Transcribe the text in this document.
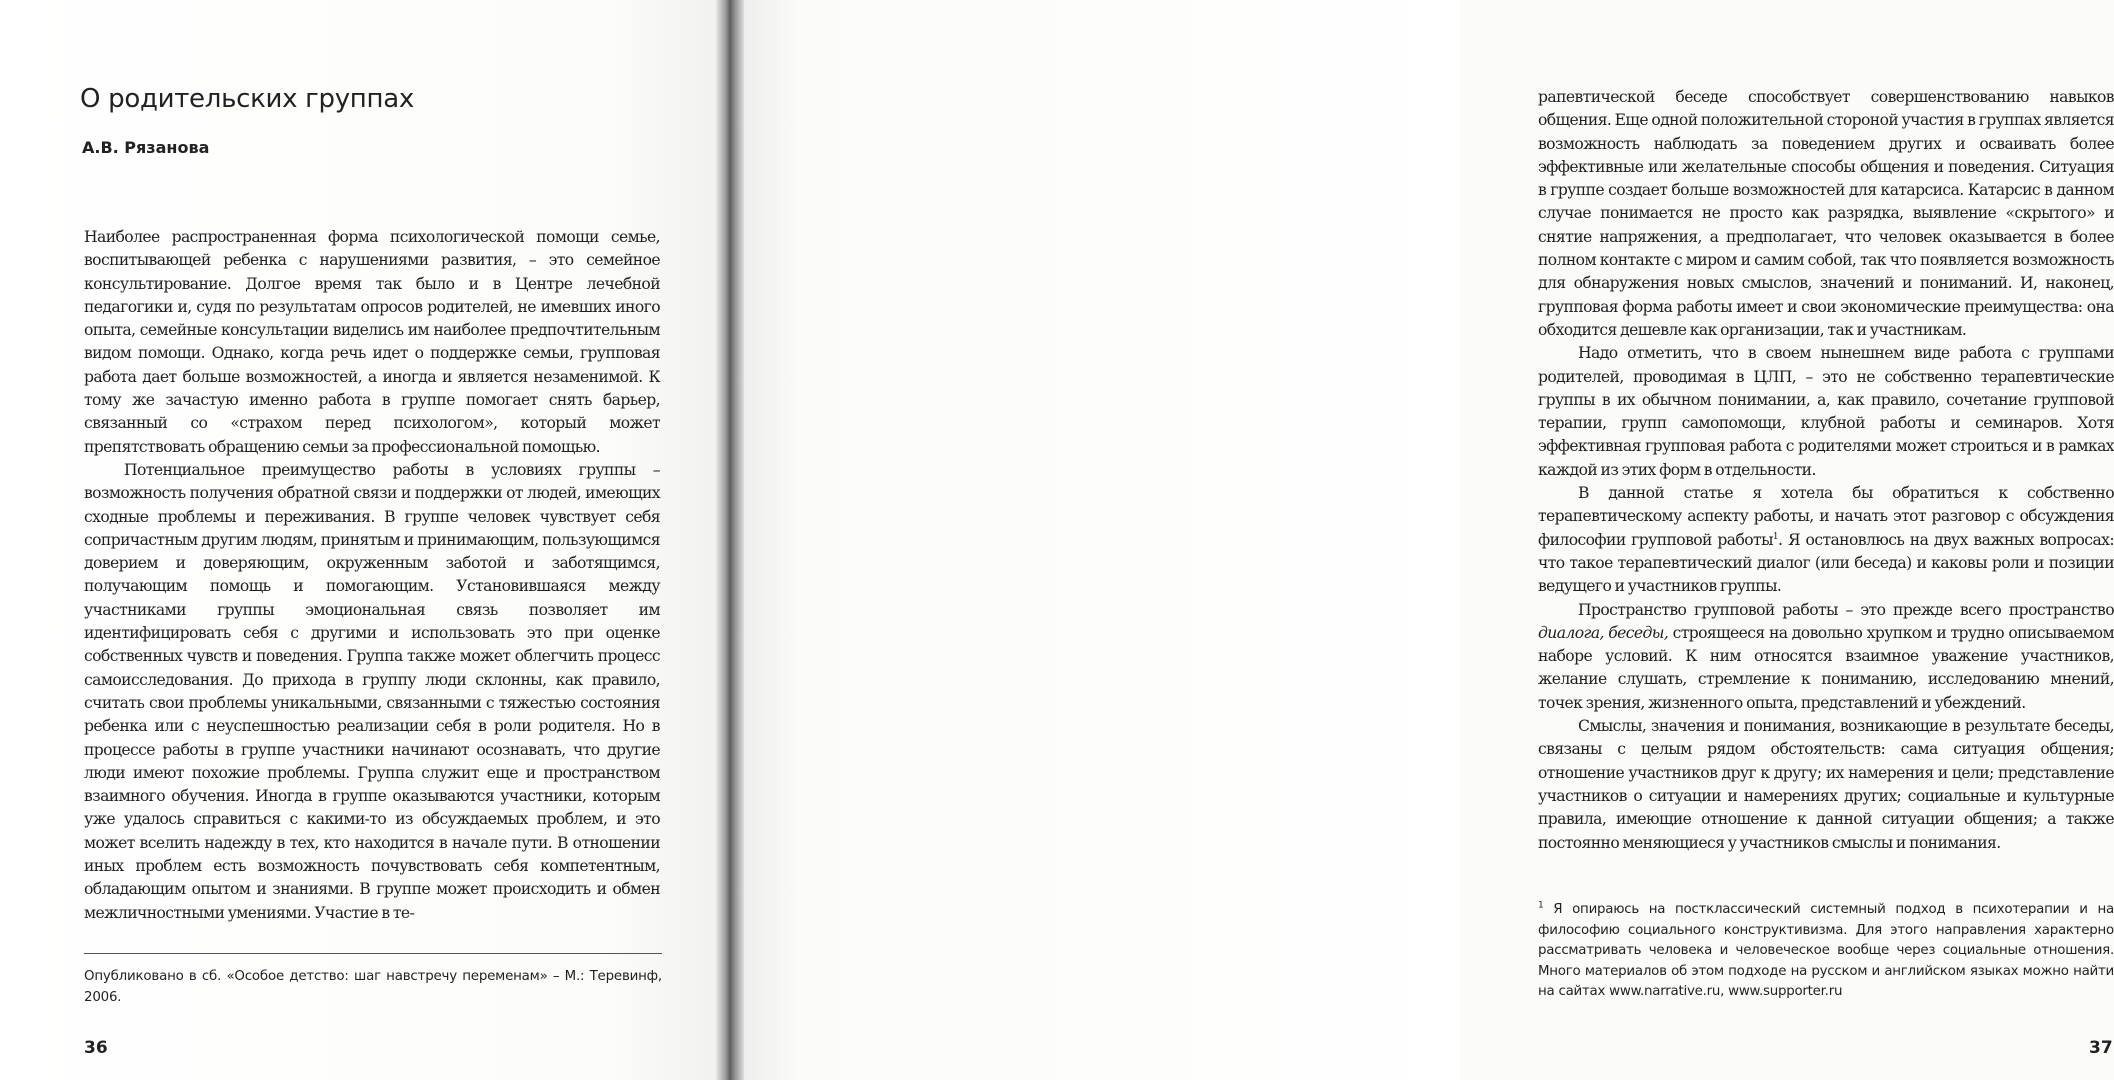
О родительских группах
А.В. Рязанова

Наиболее распространенная форма психологической помощи семье, воспитывающей ребенка с нарушениями развития, – это семейное консультирование. Долгое время так было и в Центре лечебной педагогики и, судя по результатам опросов родителей, не имевших иного опыта, семейные консультации виделись им наиболее предпочтительным видом помощи. Однако, когда речь идет о поддержке семьи, групповая работа дает больше возможностей, а иногда и является незаменимой. К тому же зачастую именно работа в группе помогает снять барьер, связанный со «страхом перед психологом», который может препятствовать обращению семьи за профессиональной помощью.

Потенциальное преимущество работы в условиях группы – возможность получения обратной связи и поддержки от людей, имеющих сходные проблемы и переживания. В группе человек чувствует себя сопричастным другим людям, принятым и принимающим, пользующимся доверием и доверяющим, окруженным заботой и заботящимся, получающим помощь и помогающим. Установившаяся между участниками группы эмоциональная связь позволяет им идентифицировать себя с другими и использовать это при оценке собственных чувств и поведения. Группа также может облегчить процесс самоисследования. До прихода в группу люди склонны, как правило, считать свои проблемы уникальными, связанными с тяжестью состояния ребенка или с неуспешностью реализации себя в роли родителя. Но в процессе работы в группе участники начинают осознавать, что другие люди имеют похожие проблемы. Группа служит еще и пространством взаимного обучения. Иногда в группе оказываются участники, которым уже удалось справиться с какими-то из обсуждаемых проблем, и это может вселить надежду в тех, кто находится в начале пути. В отношении иных проблем есть возможность почувствовать себя компетентным, обладающим опытом и знаниями. В группе может происходить и обмен межличностными умениями. Участие в те-

Опубликовано в сб. «Особое детство: шаг навстречу переменам» – М.: Теревинф, 2006.

36

рапевтической беседе способствует совершенствованию навыков общения. Еще одной положительной стороной участия в группах является возможность наблюдать за поведением других и осваивать более эффективные или желательные способы общения и поведения. Ситуация в группе создает больше возможностей для катарсиса. Катарсис в данном случае понимается не просто как разрядка, выявление «скрытого» и снятие напряжения, а предполагает, что человек оказывается в более полном контакте с миром и самим собой, так что появляется возможность для обнаружения новых смыслов, значений и пониманий. И, наконец, групповая форма работы имеет и свои экономические преимущества: она обходится дешевле как организации, так и участникам.

Надо отметить, что в своем нынешнем виде работа с группами родителей, проводимая в ЦЛП, – это не собственно терапевтические группы в их обычном понимании, а, как правило, сочетание групповой терапии, групп самопомощи, клубной работы и семинаров. Хотя эффективная групповая работа с родителями может строиться и в рамках каждой из этих форм в отдельности.

В данной статье я хотела бы обратиться к собственно терапевтическому аспекту работы, и начать этот разговор с обсуждения философии групповой работы$^1$. Я остановлюсь на двух важных вопросах: что такое терапевтический диалог (или беседа) и каковы роли и позиции ведущего и участников группы.

Пространство групповой работы – это прежде всего пространство диалога, беседы, строящееся на довольно хрупком и трудно описываемом наборе условий. К ним относятся взаимное уважение участников, желание слушать, стремление к пониманию, исследованию мнений, точек зрения, жизненного опыта, представлений и убеждений.

Смыслы, значения и понимания, возникающие в результате беседы, связаны с целым рядом обстоятельств: сама ситуация общения; отношение участников друг к другу; их намерения и цели; представление участников о ситуации и намерениях других; социальные и культурные правила, имеющие отношение к данной ситуации общения; а также постоянно меняющиеся у участников смыслы и понимания.

$^1$ Я опираюсь на постклассический системный подход в психотерапии и на философию социального конструктивизма. Для этого направления характерно рассматривать человека и человеческое вообще через социальные отношения. Много материалов об этом подходе на русском и английском языках можно найти на сайтах www.narrative.ru, www.supporter.ru

37
